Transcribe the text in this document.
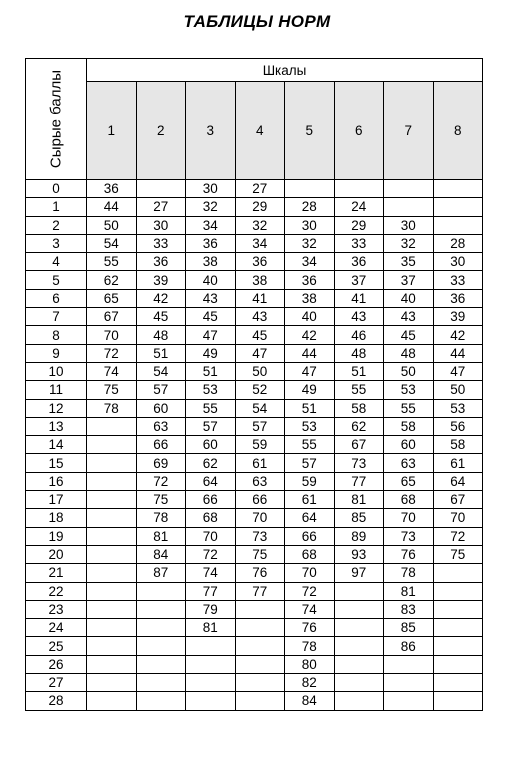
ТАБЛИЦЫ НОРМ
Сырые баллы	Шкалы							
	1	2	3	4	5	6	7	8
0	36		30	27				
1	44	27	32	29	28	24		
2	50	30	34	32	30	29	30	
3	54	33	36	34	32	33	32	28
4	55	36	38	36	34	36	35	30
5	62	39	40	38	36	37	37	33
6	65	42	43	41	38	41	40	36
7	67	45	45	43	40	43	43	39
8	70	48	47	45	42	46	45	42
9	72	51	49	47	44	48	48	44
10	74	54	51	50	47	51	50	47
11	75	57	53	52	49	55	53	50
12	78	60	55	54	51	58	55	53
13		63	57	57	53	62	58	56
14		66	60	59	55	67	60	58
15		69	62	61	57	73	63	61
16		72	64	63	59	77	65	64
17		75	66	66	61	81	68	67
18		78	68	70	64	85	70	70
19		81	70	73	66	89	73	72
20		84	72	75	68	93	76	75
21		87	74	76	70	97	78	
22			77	77	72		81	
23			79		74		83	
24			81		76		85	
25					78		86	
26					80			
27					82			
28					84			
